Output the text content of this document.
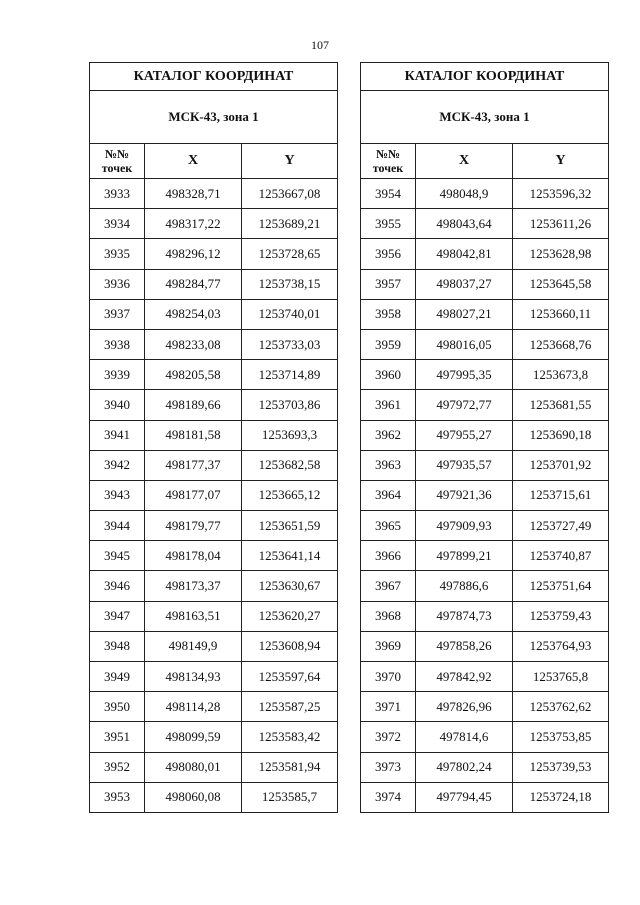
107
КАТАЛОГ КООРДИНАТ		
МСК-43, зона 1		
№№
точек	X	Y
3933	498328,71	1253667,08
3934	498317,22	1253689,21
3935	498296,12	1253728,65
3936	498284,77	1253738,15
3937	498254,03	1253740,01
3938	498233,08	1253733,03
3939	498205,58	1253714,89
3940	498189,66	1253703,86
3941	498181,58	1253693,3
3942	498177,37	1253682,58
3943	498177,07	1253665,12
3944	498179,77	1253651,59
3945	498178,04	1253641,14
3946	498173,37	1253630,67
3947	498163,51	1253620,27
3948	498149,9	1253608,94
3949	498134,93	1253597,64
3950	498114,28	1253587,25
3951	498099,59	1253583,42
3952	498080,01	1253581,94
3953	498060,08	1253585,7
КАТАЛОГ КООРДИНАТ		
МСК-43, зона 1		
№№
точек	X	Y
3954	498048,9	1253596,32
3955	498043,64	1253611,26
3956	498042,81	1253628,98
3957	498037,27	1253645,58
3958	498027,21	1253660,11
3959	498016,05	1253668,76
3960	497995,35	1253673,8
3961	497972,77	1253681,55
3962	497955,27	1253690,18
3963	497935,57	1253701,92
3964	497921,36	1253715,61
3965	497909,93	1253727,49
3966	497899,21	1253740,87
3967	497886,6	1253751,64
3968	497874,73	1253759,43
3969	497858,26	1253764,93
3970	497842,92	1253765,8
3971	497826,96	1253762,62
3972	497814,6	1253753,85
3973	497802,24	1253739,53
3974	497794,45	1253724,18
